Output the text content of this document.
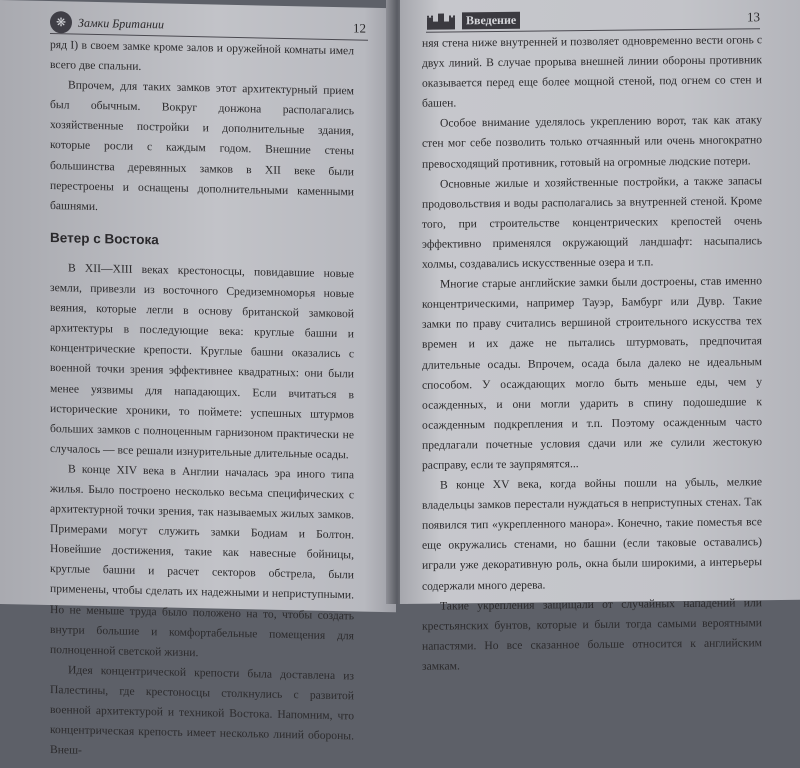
❋ Замки Британии	12

ряд I) в своем замке кроме залов и оружейной комнаты имел всего две спальни.

Впрочем, для таких замков этот архитектурный прием был обычным. Вокруг донжона располагались хозяйственные постройки и дополнительные здания, которые росли с каждым годом. Внешние стены большинства деревянных замков в XII веке были перестроены и оснащены дополнительными каменными башнями.

Ветер с Востока

В XII—XIII веках крестоносцы, повидавшие новые земли, привезли из восточного Средиземноморья новые веяния, которые легли в основу британской замковой архитектуры в последующие века: круглые башни и концентрические крепости. Круглые башни оказались с военной точки зрения эффективнее квадратных: они были менее уязвимы для нападающих. Если вчитаться в исторические хроники, то поймете: успешных штурмов больших замков с полноценным гарнизоном практически не случалось — все решали изнурительные длительные осады.

В конце XIV века в Англии началась эра иного типа жилья. Было построено несколько весьма специфических с архитектурной точки зрения, так называемых жилых замков. Примерами могут служить замки Бодиам и Болтон. Новейшие достижения, такие как навесные бойницы, круглые башни и расчет секторов обстрела, были применены, чтобы сделать их надежными и неприступными. Но не меньше труда было положено на то, чтобы создать внутри большие и комфортабельные помещения для полноценной светской жизни.

Идея концентрической крепости была доставлена из Палестины, где крестоносцы столкнулись с развитой военной архитектурой и техникой Востока. Напомним, что концентрическая крепость имеет несколько линий обороны. Внеш-

Введение	13

няя стена ниже внутренней и позволяет одновременно вести огонь с двух линий. В случае прорыва внешней линии обороны противник оказывается перед еще более мощной стеной, под огнем со стен и башен.

Особое внимание уделялось укреплению ворот, так как атаку стен мог себе позволить только отчаянный или очень многократно превосходящий противник, готовый на огромные людские потери.

Основные жилые и хозяйственные постройки, а также запасы продовольствия и воды располагались за внутренней стеной. Кроме того, при строительстве концентрических крепостей очень эффективно применялся окружающий ландшафт: насыпались холмы, создавались искусственные озера и т.п.

Многие старые английские замки были достроены, став именно концентрическими, например Тауэр, Бамбург или Дувр. Такие замки по праву считались вершиной строительного искусства тех времен и их даже не пытались штурмовать, предпочитая длительные осады. Впрочем, осада была далеко не идеальным способом. У осаждающих могло быть меньше еды, чем у осажденных, и они могли ударить в спину подошедшие к осажденным подкрепления и т.п. Поэтому осажденным часто предлагали почетные условия сдачи или же сулили жестокую расправу, если те заупрямятся...

В конце XV века, когда войны пошли на убыль, мелкие владельцы замков перестали нуждаться в неприступных стенах. Так появился тип «укрепленного манора». Конечно, такие поместья все еще окружались стенами, но башни (если таковые оставались) играли уже декоративную роль, окна были широкими, а интерьеры содержали много дерева.

Такие укрепления защищали от случайных нападений или крестьянских бунтов, которые и были тогда самыми вероятными напастями. Но все сказанное больше относится к английским замкам.
